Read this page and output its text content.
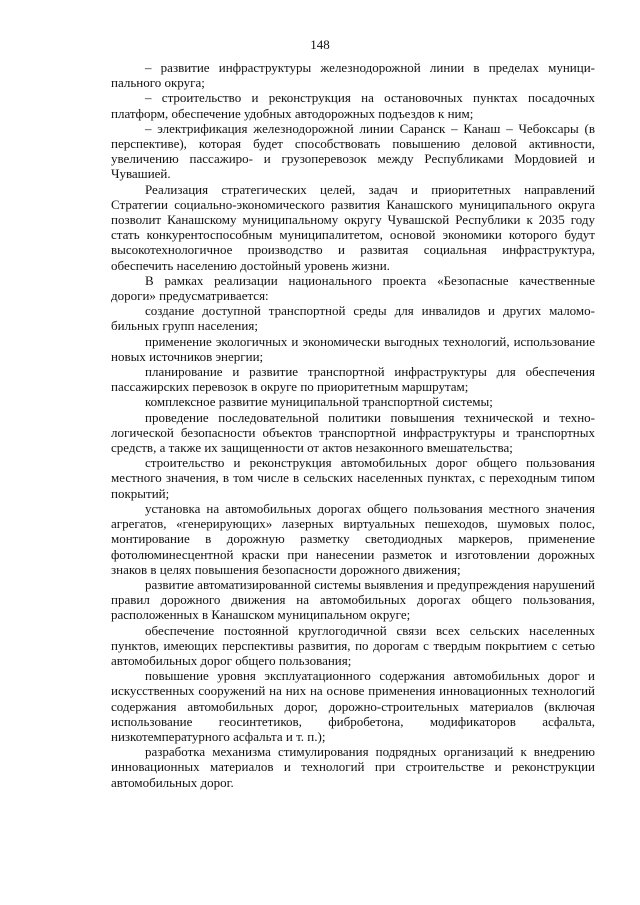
148

– развитие инфраструктуры железнодорожной линии в пределах муниципального округа;

– строительство и реконструкция на остановочных пунктах посадочных платформ, обеспечение удобных автодорожных подъездов к ним;

– электрификация железнодорожной линии Саранск – Канаш – Чебоксары (в перспективе), которая будет способствовать повышению деловой активности, увеличению пассажиро- и грузоперевозок между Республиками Мордовией и Чувашией.

Реализация стратегических целей, задач и приоритетных направлений Стратегии социально-экономического развития Канашского муниципального округа позволит Канашскому муниципальному округу Чувашской Республики к 2035 году стать конкурентоспособным муниципалитетом, основой экономики которого будут высокотехнологичное производство и развитая социальная инфраструктура, обеспечить населению достойный уровень жизни.

В рамках реализации национального проекта «Безопасные качественные дороги» предусматривается:

создание доступной транспортной среды для инвалидов и других маломобильных групп населения;

применение экологичных и экономически выгодных технологий, использование новых источников энергии;

планирование и развитие транспортной инфраструктуры для обеспечения пассажирских перевозок в округе по приоритетным маршрутам;

комплексное развитие муниципальной транспортной системы;

проведение последовательной политики повышения технической и технологической безопасности объектов транспортной инфраструктуры и транспортных средств, а также их защищенности от актов незаконного вмешательства;

строительство и реконструкция автомобильных дорог общего пользования местного значения, в том числе в сельских населенных пунктах, с переходным типом покрытий;

установка на автомобильных дорогах общего пользования местного значения агрегатов, «генерирующих» лазерных виртуальных пешеходов, шумовых полос, монтирование в дорожную разметку светодиодных маркеров, применение фотолюминесцентной краски при нанесении разметок и изготовлении дорожных знаков в целях повышения безопасности дорожного движения;

развитие автоматизированной системы выявления и предупреждения нарушений правил дорожного движения на автомобильных дорогах общего пользования, расположенных в Канашском муниципальном округе;

обеспечение постоянной круглогодичной связи всех сельских населенных пунктов, имеющих перспективы развития, по дорогам с твердым покрытием с сетью автомобильных дорог общего пользования;

повышение уровня эксплуатационного содержания автомобильных дорог и искусственных сооружений на них на основе применения инновационных технологий содержания автомобильных дорог, дорожно-строительных материалов (включая использование геосинтетиков, фибробетона, модификаторов асфальта, низкотемпературного асфальта и т. п.);

разработка механизма стимулирования подрядных организаций к внедрению инновационных материалов и технологий при строительстве и реконструкции автомобильных дорог.
